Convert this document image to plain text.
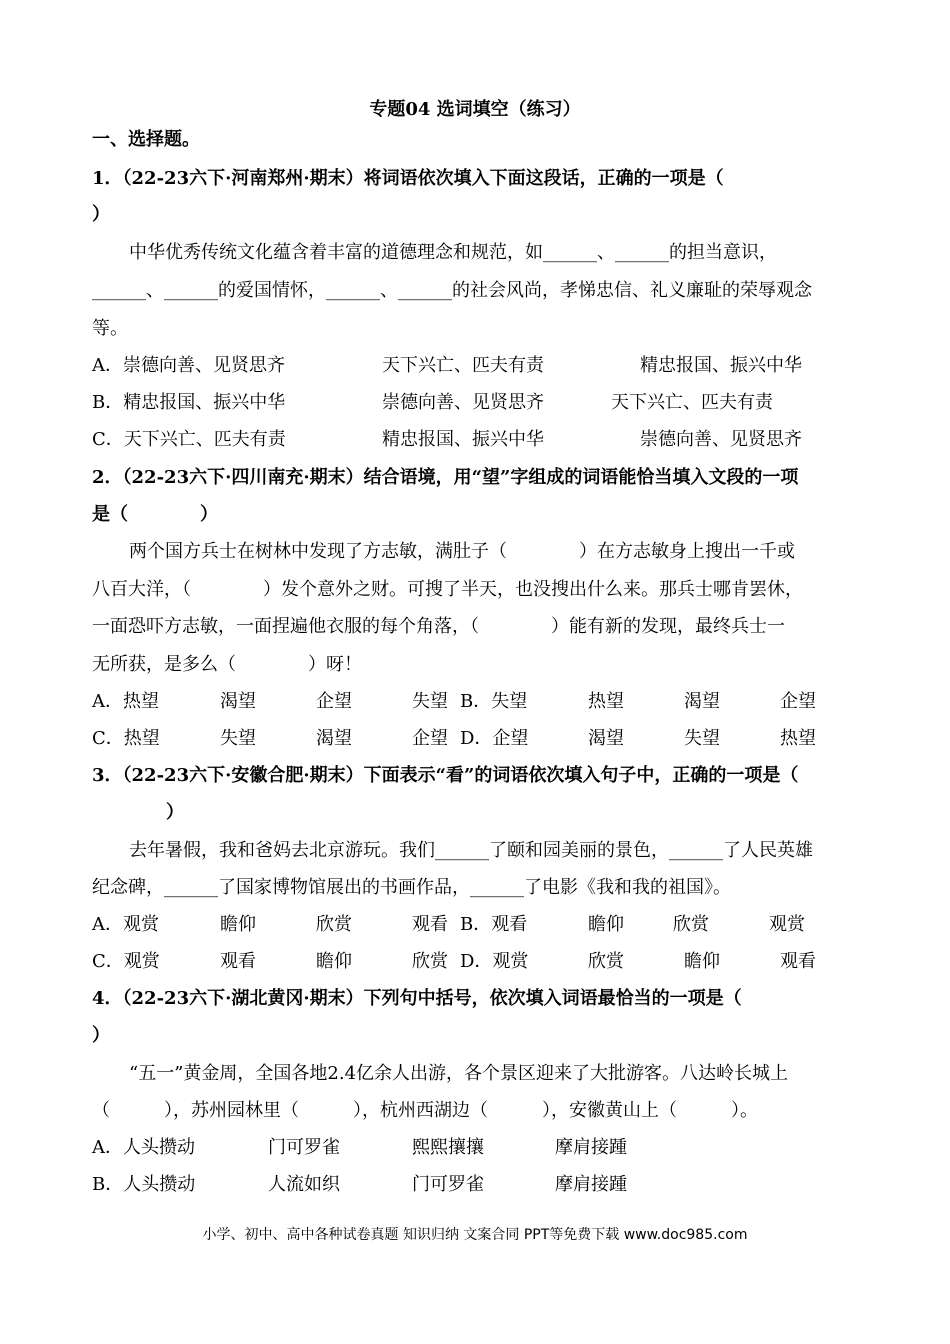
专题04 选词填空（练习）
一、选择题。
1．（22-23六下·河南郑州·期末）将词语依次填入下面这段话，正确的一项是（
）
中华优秀传统文化蕴含着丰富的道德理念和规范，如______、______的担当意识，
______、______的爱国情怀，______、______的社会风尚，孝悌忠信、礼义廉耻的荣辱观念
等。
A．崇德向善、见贤思齐	天下兴亡、匹夫有责	精忠报国、振兴中华
B．精忠报国、振兴中华	崇德向善、见贤思齐	天下兴亡、匹夫有责
C．天下兴亡、匹夫有责	精忠报国、振兴中华	崇德向善、见贤思齐
2．（22-23六下·四川南充·期末）结合语境，用“望”字组成的词语能恰当填入文段的一项
是（　　　　）
两个国方兵士在树林中发现了方志敏，满肚子（　　　　）在方志敏身上搜出一千或
八百大洋，（　　　　）发个意外之财。可搜了半天，也没搜出什么来。那兵士哪肯罢休，
一面恐吓方志敏，一面捏遍他衣服的每个角落，（　　　　）能有新的发现，最终兵士一
无所获，是多么（　　　　）呀！
A．热望	渴望	企望	失望 B．失望	热望	渴望	企望
C．热望	失望	渴望	企望 D．企望	渴望	失望	热望
3．（22-23六下·安徽合肥·期末）下面表示“看”的词语依次填入句子中，正确的一项是（
）
去年暑假，我和爸妈去北京游玩。我们______了颐和园美丽的景色，______了人民英雄
纪念碑，______了国家博物馆展出的书画作品，______了电影《我和我的祖国》。
A．观赏	瞻仰	欣赏	观看 B．观看	瞻仰	欣赏	观赏
C．观赏	观看	瞻仰	欣赏 D．观赏	欣赏	瞻仰	观看
4．（22-23六下·湖北黄冈·期末）下列句中括号，依次填入词语最恰当的一项是（
）
“五一”黄金周，全国各地2.4亿余人出游，各个景区迎来了大批游客。八达岭长城上
（　　　），苏州园林里（　　　），杭州西湖边（　　　），安徽黄山上（　　　）。
A．人头攒动	门可罗雀	熙熙攘攘	摩肩接踵
B．人头攒动	人流如织	门可罗雀	摩肩接踵
小学、初中、高中各种试卷真题 知识归纳 文案合同 PPT等免费下载 www.doc985.com
